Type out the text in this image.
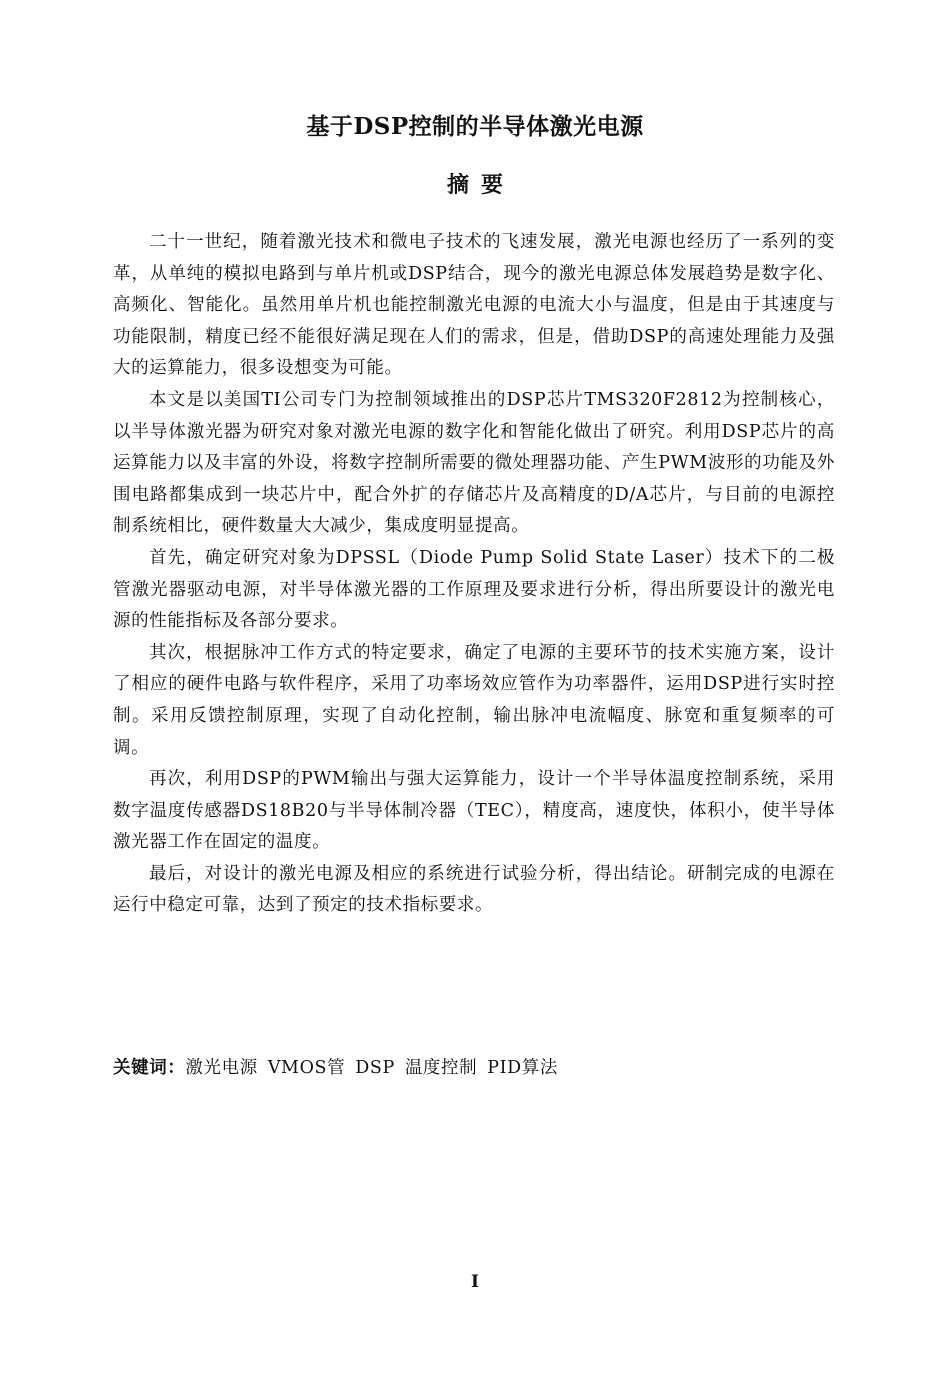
基于DSP控制的半导体激光电源
摘要

二十一世纪，随着激光技术和微电子技术的飞速发展，激光电源也经历了一系列的变革，从单纯的模拟电路到与单片机或DSP结合，现今的激光电源总体发展趋势是数字化、高频化、智能化。虽然用单片机也能控制激光电源的电流大小与温度，但是由于其速度与功能限制，精度已经不能很好满足现在人们的需求，但是，借助DSP的高速处理能力及强大的运算能力，很多设想变为可能。

本文是以美国TI公司专门为控制领域推出的DSP芯片TMS320F2812为控制核心，以半导体激光器为研究对象对激光电源的数字化和智能化做出了研究。利用DSP芯片的高运算能力以及丰富的外设，将数字控制所需要的微处理器功能、产生PWM波形的功能及外围电路都集成到一块芯片中，配合外扩的存储芯片及高精度的D/A芯片，与目前的电源控制系统相比，硬件数量大大减少，集成度明显提高。

首先，确定研究对象为DPSSL（Diode Pump Solid State Laser）技术下的二极管激光器驱动电源，对半导体激光器的工作原理及要求进行分析，得出所要设计的激光电源的性能指标及各部分要求。

其次，根据脉冲工作方式的特定要求，确定了电源的主要环节的技术实施方案，设计了相应的硬件电路与软件程序，采用了功率场效应管作为功率器件，运用DSP进行实时控制。采用反馈控制原理，实现了自动化控制，输出脉冲电流幅度、脉宽和重复频率的可调。

再次，利用DSP的PWM输出与强大运算能力，设计一个半导体温度控制系统，采用数字温度传感器DS18B20与半导体制冷器（TEC），精度高，速度快，体积小，使半导体激光器工作在固定的温度。

最后，对设计的激光电源及相应的系统进行试验分析，得出结论。研制完成的电源在运行中稳定可靠，达到了预定的技术指标要求。

关键词：激光电源 VMOS管 DSP 温度控制 PID算法
I
